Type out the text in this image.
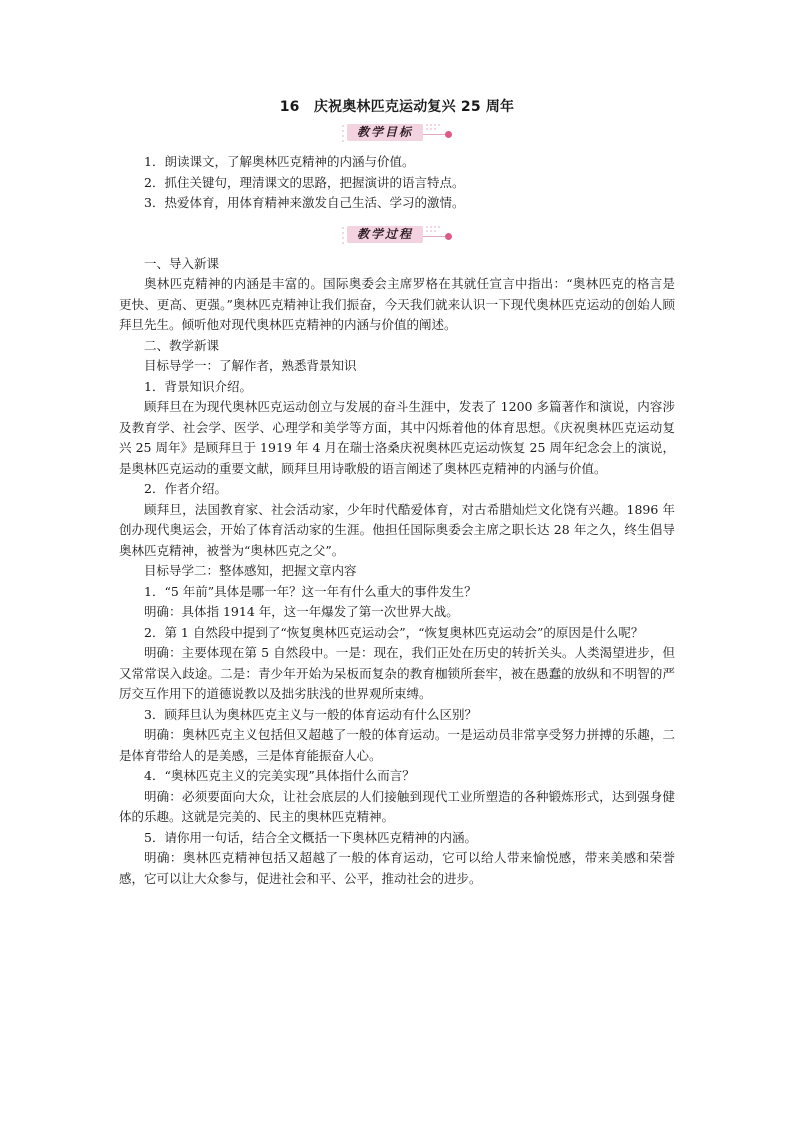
16　庆祝奥林匹克运动复兴 25 周年
教学目标

1．朗读课文，了解奥林匹克精神的内涵与价值。

2．抓住关键句，理清课文的思路，把握演讲的语言特点。

3．热爱体育，用体育精神来激发自己生活、学习的激情。

教学过程

一、导入新课

奥林匹克精神的内涵是丰富的。国际奥委会主席罗格在其就任宣言中指出：“奥林匹克的格言是更快、更高、更强。”奥林匹克精神让我们振奋，今天我们就来认识一下现代奥林匹克运动的创始人顾拜旦先生。倾听他对现代奥林匹克精神的内涵与价值的阐述。

二、教学新课

目标导学一：了解作者，熟悉背景知识

1．背景知识介绍。

顾拜旦在为现代奥林匹克运动创立与发展的奋斗生涯中，发表了 1200 多篇著作和演说，内容涉及教育学、社会学、医学、心理学和美学等方面，其中闪烁着他的体育思想。《庆祝奥林匹克运动复兴 25 周年》是顾拜旦于 1919 年 4 月在瑞士洛桑庆祝奥林匹克运动恢复 25 周年纪念会上的演说，是奥林匹克运动的重要文献，顾拜旦用诗歌般的语言阐述了奥林匹克精神的内涵与价值。

2．作者介绍。

顾拜旦，法国教育家、社会活动家，少年时代酷爱体育，对古希腊灿烂文化饶有兴趣。1896 年创办现代奥运会，开始了体育活动家的生涯。他担任国际奥委会主席之职长达 28 年之久，终生倡导奥林匹克精神，被誉为“奥林匹克之父”。

目标导学二：整体感知，把握文章内容

1．“5 年前”具体是哪一年？这一年有什么重大的事件发生？

明确：具体指 1914 年，这一年爆发了第一次世界大战。

2．第 1 自然段中提到了“恢复奥林匹克运动会”，“恢复奥林匹克运动会”的原因是什么呢？

明确：主要体现在第 5 自然段中。一是：现在，我们正处在历史的转折关头。人类渴望进步，但又常常误入歧途。二是：青少年开始为呆板而复杂的教育枷锁所套牢，被在愚蠢的放纵和不明智的严厉交互作用下的道德说教以及拙劣肤浅的世界观所束缚。

3．顾拜旦认为奥林匹克主义与一般的体育运动有什么区别？

明确：奥林匹克主义包括但又超越了一般的体育运动。一是运动员非常享受努力拼搏的乐趣，二是体育带给人的是美感，三是体育能振奋人心。

4．“奥林匹克主义的完美实现”具体指什么而言？

明确：必须要面向大众，让社会底层的人们接触到现代工业所塑造的各种锻炼形式，达到强身健体的乐趣。这就是完美的、民主的奥林匹克精神。

5．请你用一句话，结合全文概括一下奥林匹克精神的内涵。

明确：奥林匹克精神包括又超越了一般的体育运动，它可以给人带来愉悦感，带来美感和荣誉感，它可以让大众参与，促进社会和平、公平，推动社会的进步。
